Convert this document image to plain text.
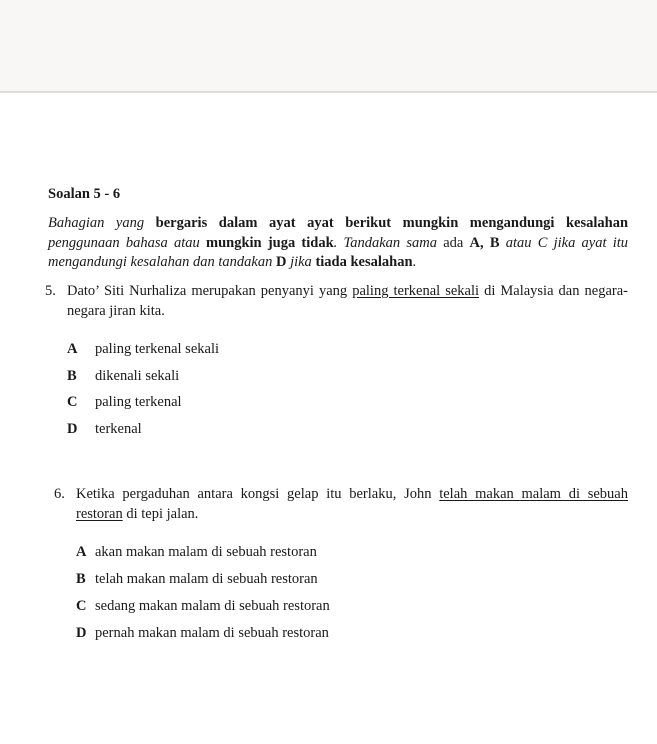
Soalan 5 - 6
Bahagian yang bergaris dalam ayat ayat berikut mungkin mengandungi kesalahan penggunaan bahasa atau mungkin juga tidak. Tandakan sama ada A, B atau C jika ayat itu mengandungi kesalahan dan tandakan D jika tiada kesalahan.
5. Dato’ Siti Nurhaliza merupakan penyanyi yang paling terkenal sekali di Malaysia dan negara-negara jiran kita.
A	paling terkenal sekali
B	dikenali sekali
C	paling terkenal
D	terkenal
6. Ketika pergaduhan antara kongsi gelap itu berlaku, John telah makan malam di sebuah restoran di tepi jalan.
A akan makan malam di sebuah restoran
B telah makan malam di sebuah restoran
C sedang makan malam di sebuah restoran
D pernah makan malam di sebuah restoran
